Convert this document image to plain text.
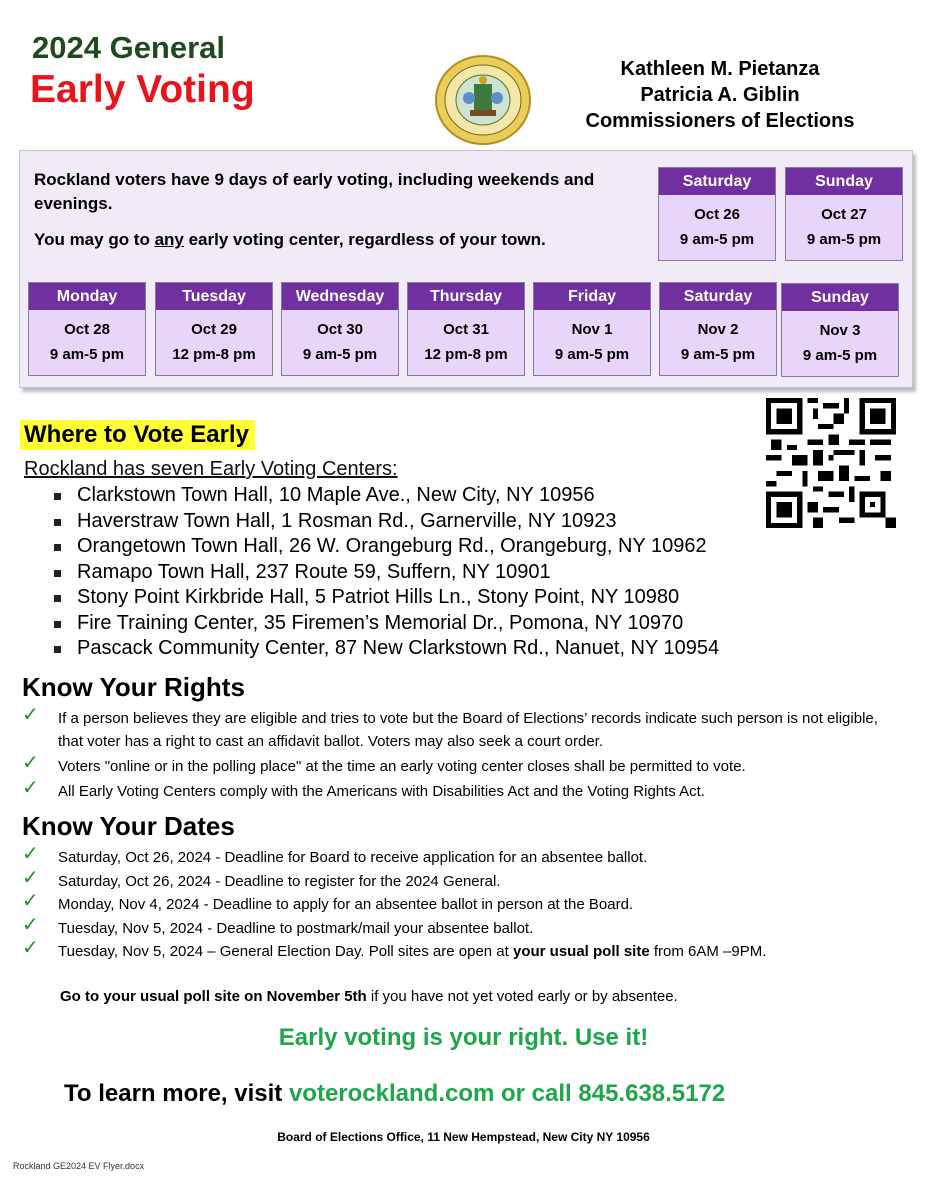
2024 General
Early Voting	Kathleen M. Pietanza
Patricia A. Giblin
Commissioners of Elections
Rockland voters have 9 days of early voting, including weekends and evenings.
You may go to any early voting center, regardless of your town.
Saturday
Oct 26
9 am-5 pm
Sunday
Oct 27
9 am-5 pm
Monday
Oct 28
9 am-5 pm
Tuesday
Oct 29
12 pm-8 pm
Wednesday
Oct 30
9 am-5 pm
Thursday
Oct 31
12 pm-8 pm
Friday
Nov 1
9 am-5 pm
Saturday
Nov 2
9 am-5 pm
Sunday
Nov 3
9 am-5 pm
Where to Vote Early
Rockland has seven Early Voting Centers:
Clarkstown Town Hall, 10 Maple Ave., New City, NY 10956
Haverstraw Town Hall, 1 Rosman Rd., Garnerville, NY 10923
Orangetown Town Hall, 26 W. Orangeburg Rd., Orangeburg, NY 10962
Ramapo Town Hall, 237 Route 59, Suffern, NY 10901
Stony Point Kirkbride Hall, 5 Patriot Hills Ln., Stony Point, NY 10980
Fire Training Center, 35 Firemen’s Memorial Dr., Pomona, NY 10970
Pascack Community Center, 87 New Clarkstown Rd., Nanuet, NY 10954
Know Your Rights
✓ If a person believes they are eligible and tries to vote but the Board of Elections’ records indicate such person is not eligible, that voter has a right to cast an affidavit ballot. Voters may also seek a court order.
✓ Voters "online or in the polling place" at the time an early voting center closes shall be permitted to vote.
✓ All Early Voting Centers comply with the Americans with Disabilities Act and the Voting Rights Act.
Know Your Dates
✓ Saturday, Oct 26, 2024 - Deadline for Board to receive application for an absentee ballot.
✓ Saturday, Oct 26, 2024 - Deadline to register for the 2024 General.
✓ Monday, Nov 4, 2024 - Deadline to apply for an absentee ballot in person at the Board.
✓ Tuesday, Nov 5, 2024 - Deadline to postmark/mail your absentee ballot.
✓ Tuesday, Nov 5, 2024 – General Election Day. Poll sites are open at your usual poll site from 6AM –9PM.
Go to your usual poll site on November 5th if you have not yet voted early or by absentee.
Early voting is your right. Use it!
To learn more, visit voterockland.com or call 845.638.5172
Board of Elections Office, 11 New Hempstead, New City NY 10956
Rockland GE2024 EV Flyer.docx
